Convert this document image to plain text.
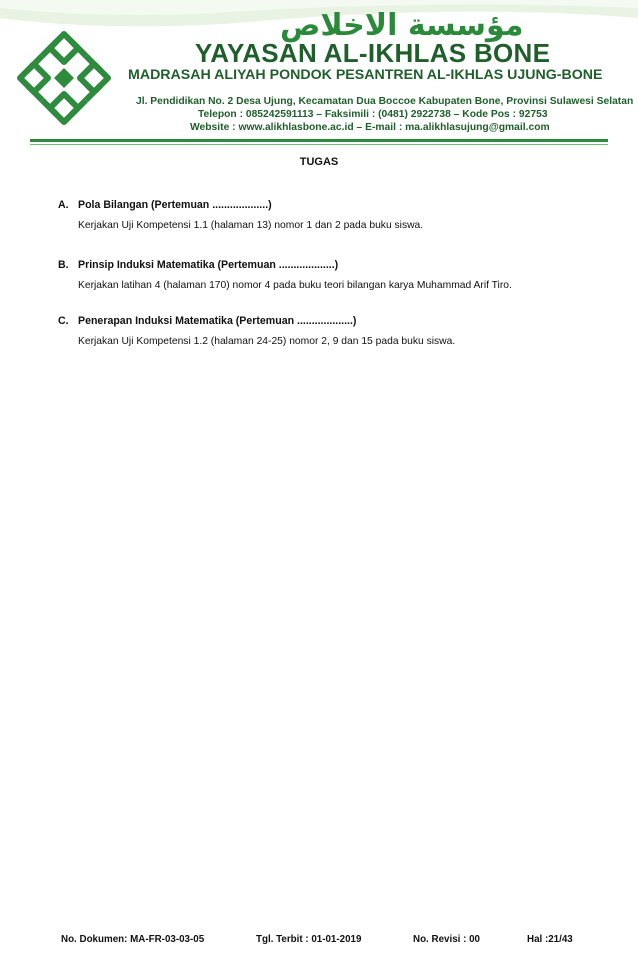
مؤسسة الاخلاص
YAYASAN AL-IKHLAS BONE
MADRASAH ALIYAH PONDOK PESANTREN AL-IKHLAS UJUNG-BONE
Jl. Pendidikan No. 2 Desa Ujung, Kecamatan Dua Boccoe Kabupaten Bone, Provinsi Sulawesi Selatan
Telepon : 085242591113 – Faksimili : (0481) 2922738 – Kode Pos : 92753
Website : www.alikhlasbone.ac.id – E-mail : ma.alikhlasujung@gmail.com
TUGAS
A. Pola Bilangan (Pertemuan ...................)
Kerjakan Uji Kompetensi 1.1 (halaman 13) nomor 1 dan 2 pada buku siswa.
B. Prinsip Induksi Matematika (Pertemuan ...................)
Kerjakan latihan 4 (halaman 170) nomor 4 pada buku teori bilangan karya Muhammad Arif Tiro.
C. Penerapan Induksi Matematika (Pertemuan ...................)
Kerjakan Uji Kompetensi 1.2 (halaman 24-25) nomor 2, 9 dan 15 pada buku siswa.
No. Dokumen: MA-FR-03-03-05	Tgl. Terbit : 01-01-2019	No. Revisi : 00	Hal :21/43
